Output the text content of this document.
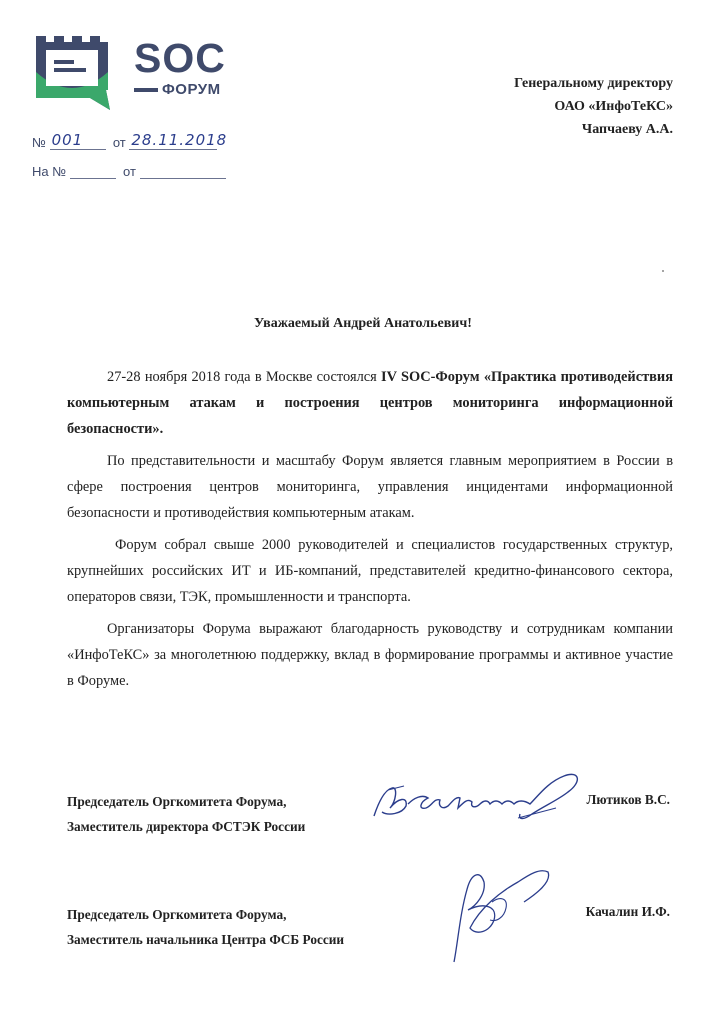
SOC
ФОРУМ
№ 001 от 28.11.2018
На №	от
Генеральному директору
ОАО «ИнфоТеКС»
Чапчаеву А.А.
Уважаемый Андрей Анатольевич!

27-28 ноября 2018 года в Москве состоялся IV SOC-Форум «Практика противодействия компьютерным атакам и построения центров мониторинга информационной безопасности».

По представительности и масштабу Форум является главным мероприятием в России в сфере построения центров мониторинга, управления инцидентами информационной безопасности и противодействия компьютерным атакам.

Форум собрал свыше 2000 руководителей и специалистов государственных структур, крупнейших российских ИТ и ИБ-компаний, представителей кредитно-финансового сектора, операторов связи, ТЭК, промышленности и транспорта.

Организаторы Форума выражают благодарность руководству и сотрудникам компании «ИнфоТеКС» за многолетнюю поддержку, вклад в формирование программы и активное участие в Форуме.

Председатель Оргкомитета Форума,
Заместитель директора ФСТЭК России
Лютиков В.С.
Председатель Оргкомитета Форума,
Заместитель начальника Центра ФСБ России
Качалин И.Ф.
